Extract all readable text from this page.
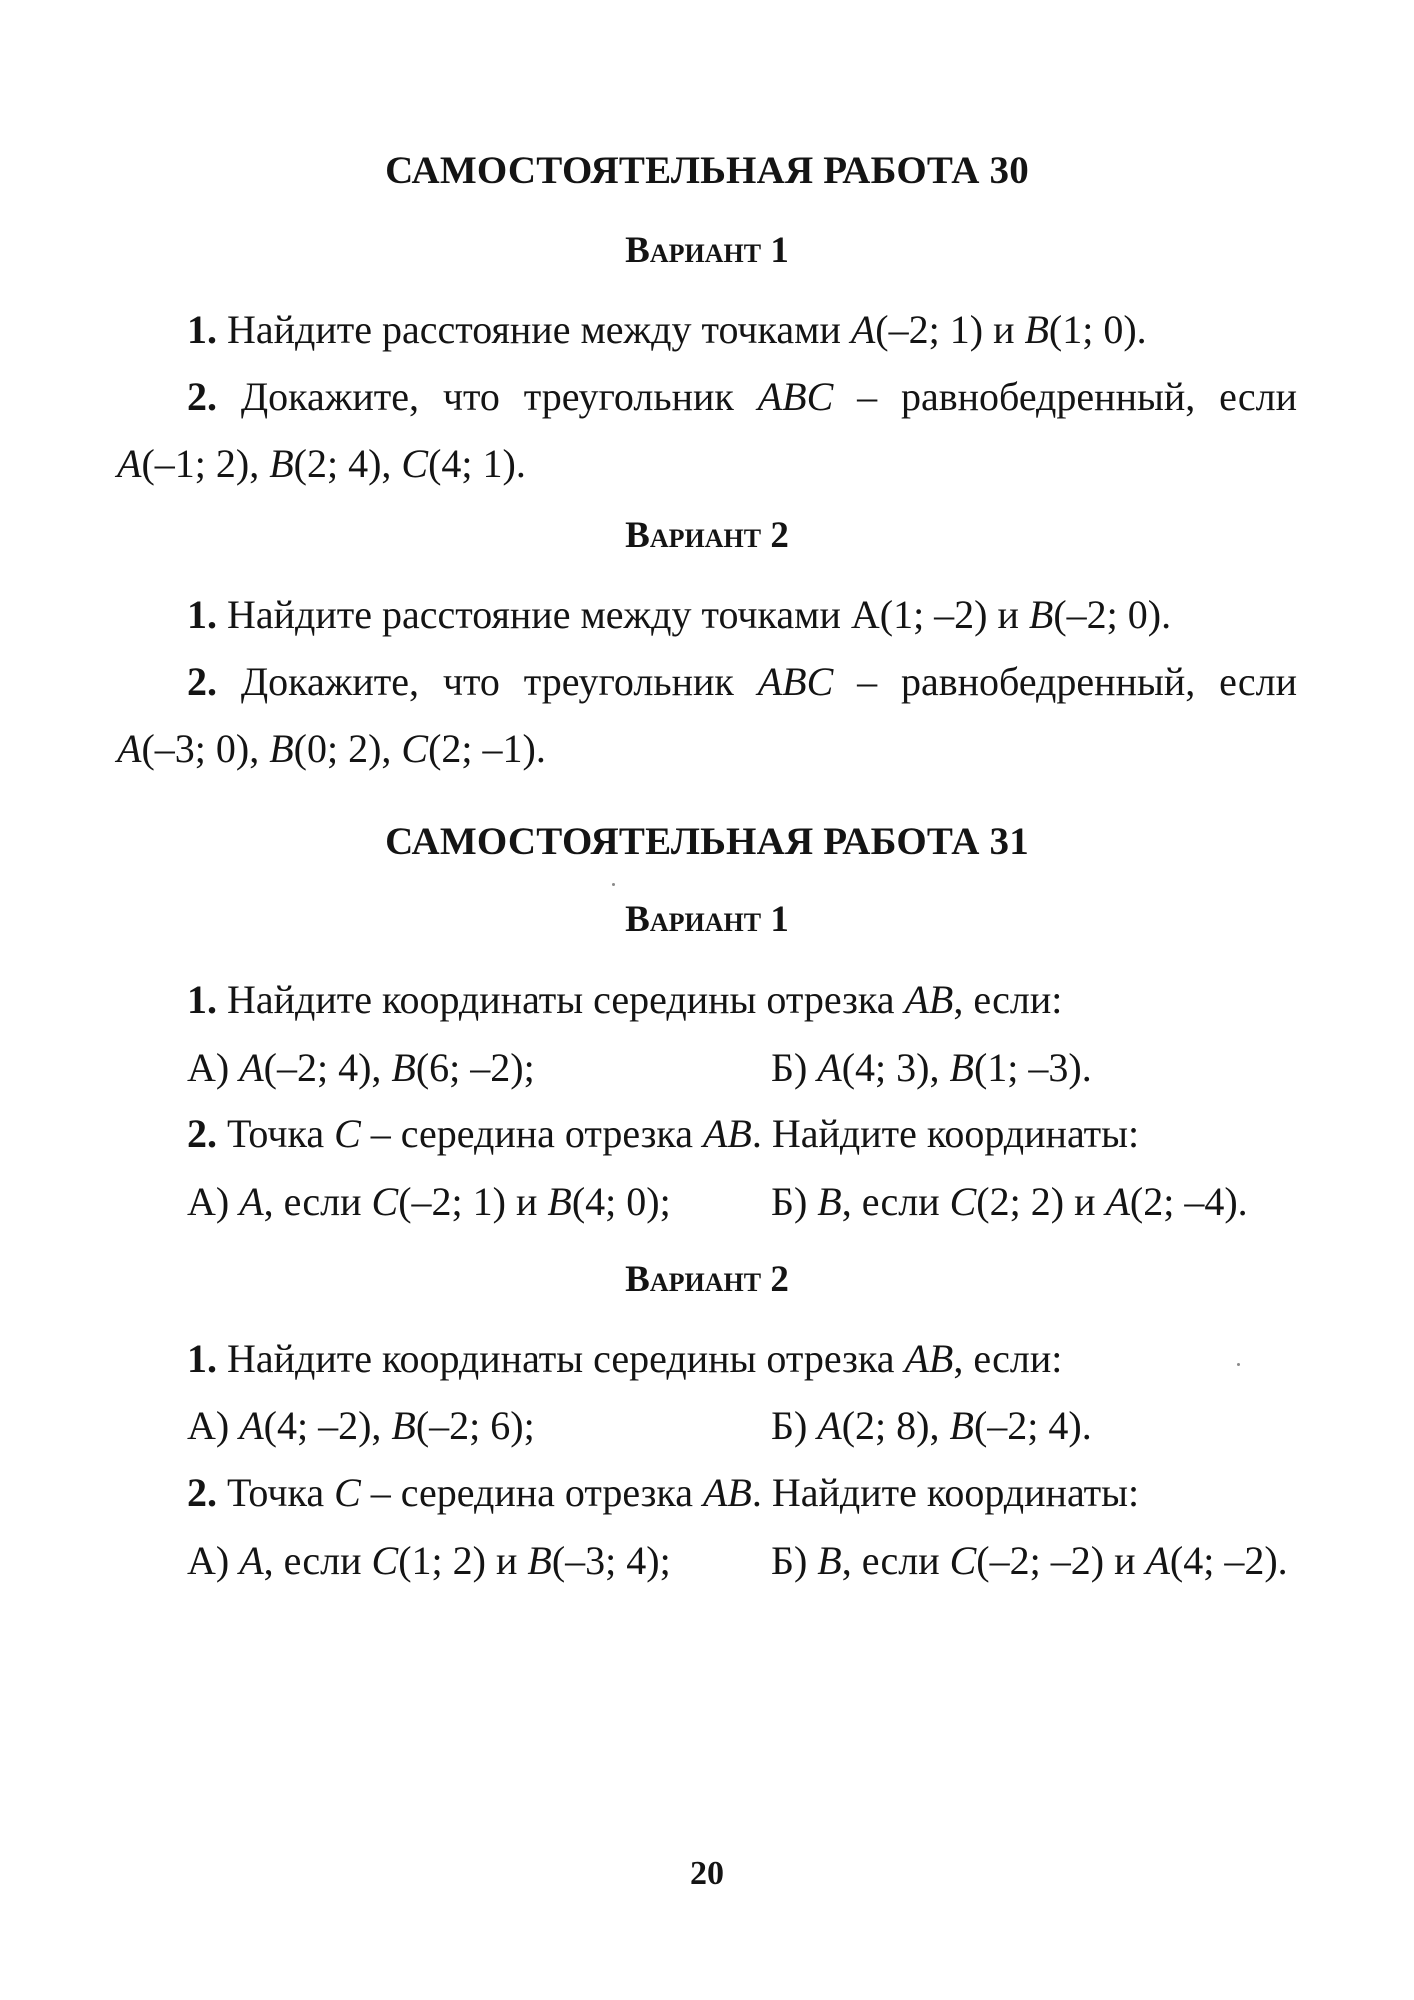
САМОСТОЯТЕЛЬНАЯ РАБОТА 30
Вариант 1
1. Найдите расстояние между точками A(–2; 1) и B(1; 0).
2. Докажите, что треугольник ABC – равнобедренный, если
A(–1; 2), B(2; 4), C(4; 1).
Вариант 2
1. Найдите расстояние между точками A(1; –2) и B(–2; 0).
2. Докажите, что треугольник ABC – равнобедренный, если
A(–3; 0), B(0; 2), C(2; –1).
САМОСТОЯТЕЛЬНАЯ РАБОТА 31
Вариант 1
1. Найдите координаты середины отрезка AB, если:
А) A(–2; 4), B(6; –2);	Б) A(4; 3), B(1; –3).
2. Точка C – середина отрезка AB. Найдите координаты:
А) A, если C(–2; 1) и B(4; 0);	Б) B, если C(2; 2) и A(2; –4).
Вариант 2
1. Найдите координаты середины отрезка AB, если:
А) A(4; –2), B(–2; 6);	Б) A(2; 8), B(–2; 4).
2. Точка C – середина отрезка AB. Найдите координаты:
А) A, если C(1; 2) и B(–3; 4);	Б) B, если C(–2; –2) и A(4; –2).
20
